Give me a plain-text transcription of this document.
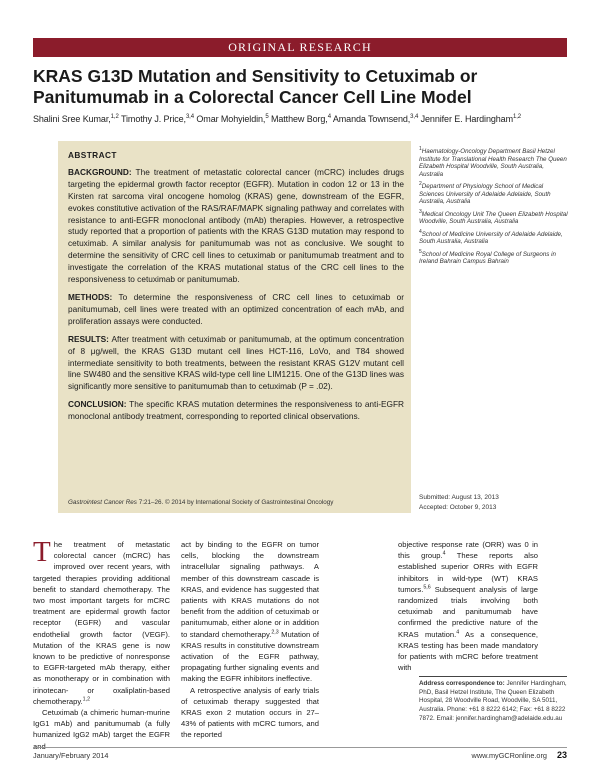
ORIGINAL RESEARCH
KRAS G13D Mutation and Sensitivity to Cetuximab or
Panitumumab in a Colorectal Cancer Cell Line Model
Shalini Sree Kumar,$^{1,2}$ Timothy J. Price,$^{3,4}$ Omar Mohyieldin,$^5$ Matthew Borg,$^4$ Amanda Townsend,$^{3,4}$ Jennifer E. Hardingham$^{1,2}$
ABSTRACT

BACKGROUND: The treatment of metastatic colorectal cancer (mCRC) includes drugs targeting the epidermal growth factor receptor (EGFR). Mutation in codon 12 or 13 in the Kirsten rat sarcoma viral oncogene homolog (KRAS) gene, downstream of the EGFR, evokes constitutive activation of the RAS/RAF/MAPK signaling pathway and correlates with resistance to anti-EGFR monoclonal antibody (mAb) therapies. However, a retrospective study reported that a proportion of patients with the KRAS G13D mutation may respond to cetuximab. A similar analysis for panitumumab was not as conclusive. We sought to determine the sensitivity of CRC cell lines to cetuximab or panitumumab treatment and to investigate the correlation of the KRAS mutational status of the CRC cell lines to the responsiveness to cetuximab or panitumumab.

METHODS: To determine the responsiveness of CRC cell lines to cetuximab or panitumumab, cell lines were treated with an optimized concentration of each mAb, and proliferation assays were conducted.

RESULTS: After treatment with cetuximab or panitumumab, at the optimum concentration of 8 μg/well, the KRAS G13D mutant cell lines HCT-116, LoVo, and T84 showed intermediate sensitivity to both treatments, between the resistant KRAS G12V mutant cell line SW480 and the sensitive KRAS wild-type cell line LIM1215. One of the G13D lines was significantly more sensitive to panitumumab than to cetuximab (P = .02).

CONCLUSION: The specific KRAS mutation determines the responsiveness to anti-EGFR monoclonal antibody treatment, corresponding to reported clinical observations.

Gastrointest Cancer Res 7:21–26. © 2014 by International Society of Gastrointestinal Oncology
$^1$Haematology-Oncology Department Basil Hetzel Institute for Translational Health Research The Queen Elizabeth Hospital Woodville, South Australia, Australia
$^2$Department of Physiology School of Medical Sciences University of Adelaide Adelaide, South Australia, Australia
$^3$Medical Oncology Unit The Queen Elizabeth Hospital Woodville, South Australia, Australia
$^4$School of Medicine University of Adelaide Adelaide, South Australia, Australia
$^5$School of Medicine Royal College of Surgeons in Ireland Bahrain Campus Bahrain
Submitted: August 13, 2013
Accepted: October 9, 2013

The treatment of metastatic colorectal cancer (mCRC) has improved over recent years, with targeted therapies providing additional benefit to standard chemotherapy. The two most important targets for mCRC treatment are epidermal growth factor receptor (EGFR) and vascular endothelial growth factor (VEGF). Mutation of the KRAS gene is now known to be predictive of nonresponse to EGFR-targeted mAb therapy, either as monotherapy or in combination with irinotecan- or oxaliplatin-based chemotherapy.$^{1,2}$

Cetuximab (a chimeric human-murine IgG1 mAb) and panitumumab (a fully humanized IgG2 mAb) target the EGFR

act by binding to the EGFR on tumor cells, blocking the downstream intracellular signaling pathways. A member of this downstream cascade is KRAS, and evidence has suggested that patients with KRAS mutations do not benefit from the addition of cetuximab or panitumumab, either alone or in addition to standard chemotherapy.$^{2,3}$ Mutation of KRAS results in constitutive downstream activation of the EGFR pathway, propagating further signaling events and making the EGFR inhibitors ineffective.

A retrospective analysis of early trials of cetuximab therapy suggested that KRAS exon 2 mutation occurs in 27–43% of patients with mCRC tumors, and the reported

objective response rate (ORR) was 0 in this group.$^4$ These reports also established superior ORRs with EGFR inhibitors in wild-type (WT) KRAS tumors.$^{5,6}$ Subsequent analysis of large randomized trials involving both cetuximab and panitumumab have confirmed the predictive nature of the KRAS mutation.$^4$ As a consequence, KRAS testing has been made mandatory for patients with mCRC before treatment with

Address correspondence to: Jennifer Hardingham, PhD, Basil Hetzel Institute, The Queen Elizabeth Hospital, 28 Woodville Road, Woodville, SA 5011, Australia. Phone: +61 8 8222 6142; Fax: +61 8 8222 7872. Email: jennifer.hardingham@adelaide.edu.au
January/February 2014	www.myGCRonline.org 23
